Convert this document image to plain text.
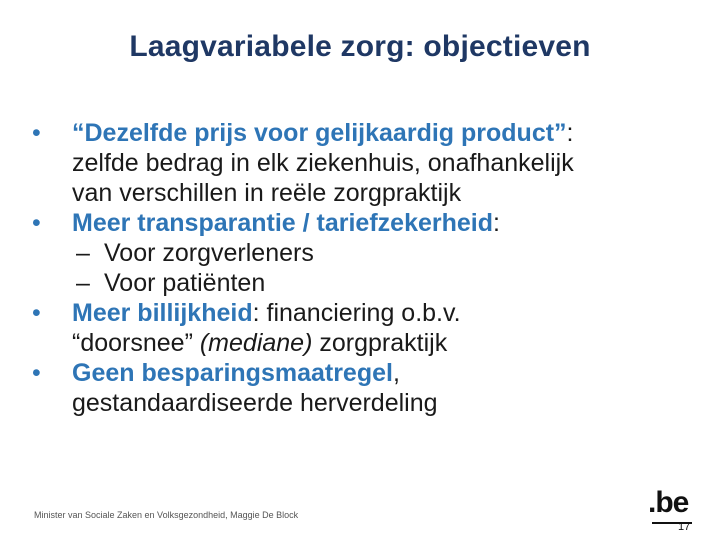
Laagvariabele zorg: objectieven
• “Dezelfde prijs voor gelijkaardig product”:
zelfde bedrag in elk ziekenhuis, onafhankelijk
van verschillen in reële zorgpraktijk
• Meer transparantie / tariefzekerheid:
– Voor zorgverleners
– Voor patiënten
• Meer billijkheid: financiering o.b.v.
“doorsnee” (mediane) zorgpraktijk
• Geen besparingsmaatregel,
gestandaardiseerde herverdeling
Minister van Sociale Zaken en Volksgezondheid, Maggie De Block	.be
17
